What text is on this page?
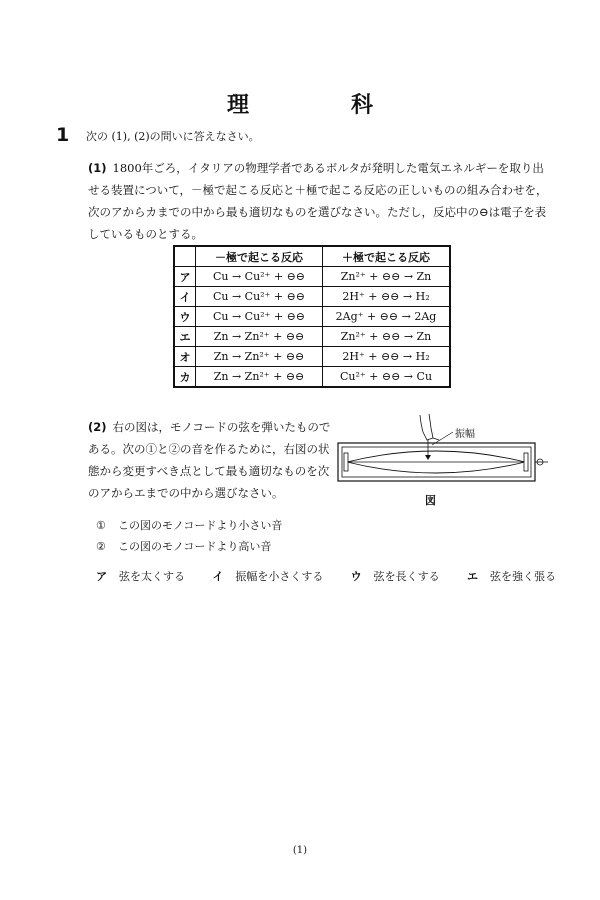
理　科
1 次の (1), (2)の問いに答えなさい。
(1) 1800年ごろ，イタリアの物理学者であるボルタが発明した電気エネルギーを取り出せる装置について，－極で起こる反応と＋極で起こる反応の正しいものの組み合わせを，次のアからカまでの中から最も適切なものを選びなさい。ただし，反応中の⊖は電子を表しているものとする。
	－極で起こる反応	＋極で起こる反応
ア	Cu → Cu²⁺ + ⊖⊖	Zn²⁺ + ⊖⊖ → Zn
イ	Cu → Cu²⁺ + ⊖⊖	2H⁺ + ⊖⊖ → H₂
ウ	Cu → Cu²⁺ + ⊖⊖	2Ag⁺ + ⊖⊖ → 2Ag
エ	Zn → Zn²⁺ + ⊖⊖	Zn²⁺ + ⊖⊖ → Zn
オ	Zn → Zn²⁺ + ⊖⊖	2H⁺ + ⊖⊖ → H₂
カ	Zn → Zn²⁺ + ⊖⊖	Cu²⁺ + ⊖⊖ → Cu
(2) 右の図は，モノコードの弦を弾いたものである。次の①と②の音を作るために，右図の状態から変更すべき点として最も適切なものを次のアからエまでの中から選びなさい。
振幅
図
① この図のモノコードより小さい音
② この図のモノコードより高い音
ア 弦を太くする イ 振幅を小さくする ウ 弦を長くする エ 弦を強く張る
(1)
